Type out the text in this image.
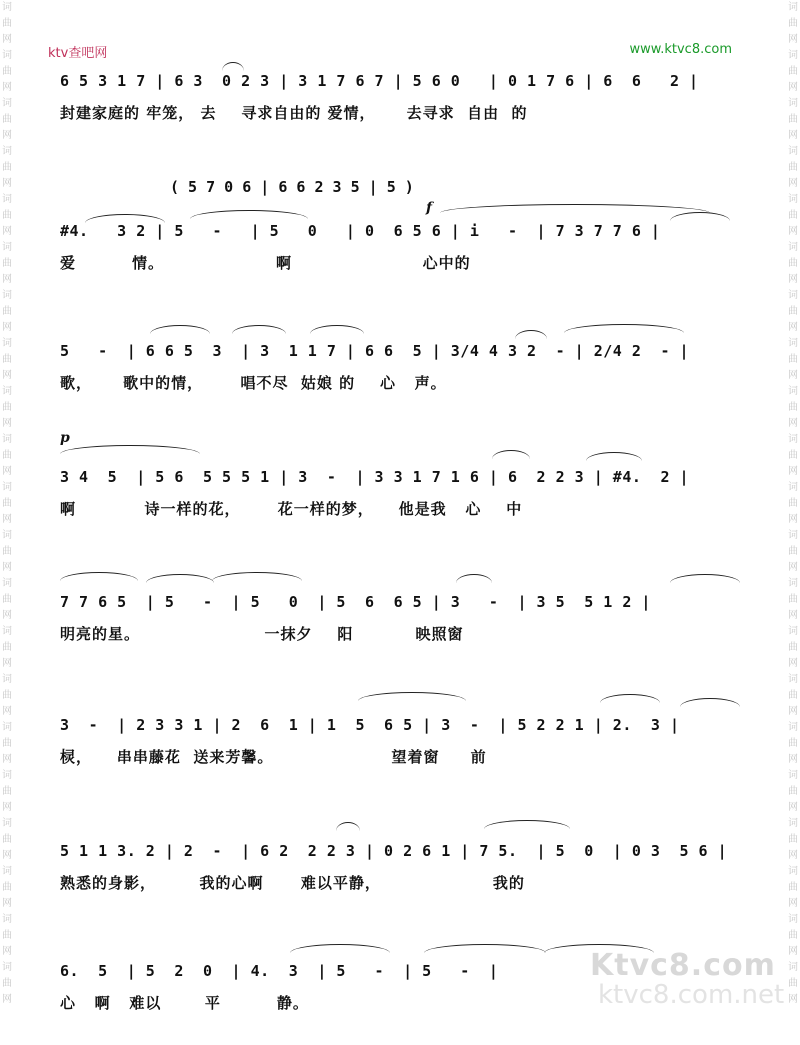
词
曲
网
词
曲
网
词
曲
网
词
曲
网
词
曲
网
词
曲
网
词
曲
网
词
曲
网
词
曲
网
词
曲
网
词
曲
网
词
曲
网
词
曲
网
词
曲
网
词
曲
网
词
曲
网
词
曲
网
词
曲
网
词
曲
网
词
曲
网
词
曲
网
词
曲
网
词
曲
网
词
曲
网
词
曲
网
词
曲
网
词
曲
网
词
曲
网
词
曲
网
词
曲
网
词
曲
网
词
曲
网
词
曲
网
词
曲
网
词
曲
网
词
曲
网
词
曲
网
词
曲
网
词
曲
网
词
曲
网
词
曲
网
词
曲
网
ktv查吧网	www.ktvc8.com
( 5 7 0 6 | 6 6 2 3 5 | 5 )
f
p
6 5 3 1 7 | 6 3  0 2 3 | 3 1 7 6 7 | 5 6 0   | 0 1 7 6 | 6  6   2 |
封建家庭的 牢笼， 去    寻求自由的 爱情，     去寻求  自由  的
#4.   3 2 | 5   -   | 5   0   | 0  6 5 6 | i   -  | 7 3 7 7 6 |
爱         情。                  啊                     心中的
5   -  | 6 6 5  3  | 3  1 1 7 | 6 6  5 | 3/4 4 3 2  - | 2/4 2  - |
歌，     歌中的情，      唱不尽  姑娘 的    心   声。
3 4  5  | 5 6  5 5 5 1 | 3  -  | 3 3 1 7 1 6 | 6  2 2 3 | #4.  2 |
啊           诗一样的花，      花一样的梦，    他是我   心    中
7 7 6 5  | 5   -  | 5   0  | 5  6  6 5 | 3   -  | 3 5  5 1 2 |
明亮的星。                    一抹夕    阳          映照窗
3  -  | 2 3 3 1 | 2  6  1 | 1  5  6 5 | 3  -  | 5 2 2 1 | 2.  3 |
棂，    串串藤花  送来芳馨。                   望着窗     前
5 1 1 3. 2 | 2  -  | 6 2  2 2 3 | 0 2 6 1 | 7 5.  | 5  0  | 0 3  5 6 |
熟悉的身影，       我的心啊      难以平静，                  我的
6.  5  | 5  2  0  | 4.  3  | 5   -  | 5   -  |
心   啊   难以       平         静。
Ktvc8.com
ktvc8.com.net
